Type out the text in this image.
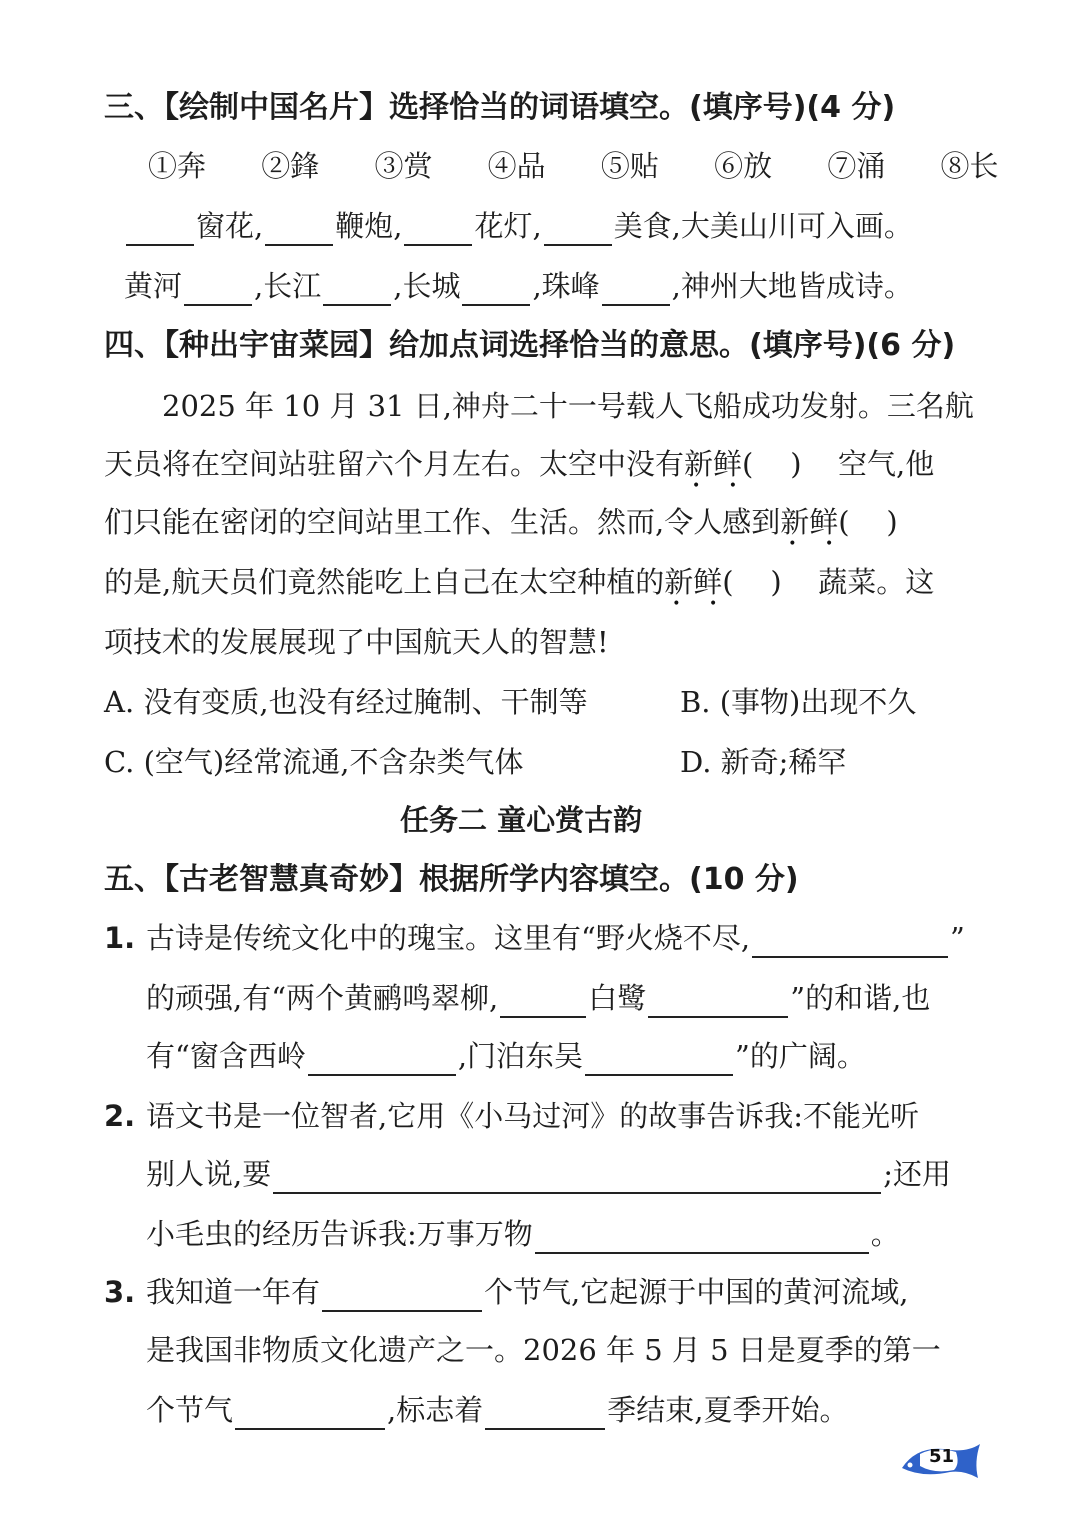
三、【绘制中国名片】选择恰当的词语填空。(填序号)(4 分)
①奔 ②鋒 ③赏 ④品 ⑤贴 ⑥放 ⑦涌 ⑧长
窗花, 鞭炮, 花灯, 美食,大美山川可入画。
黄河 ,长江 ,长城 ,珠峰 ,神州大地皆成诗。
四、【种出宇宙菜园】给加点词选择恰当的意思。(填序号)(6 分)
2025 年 10 月 31 日,神舟二十一号载人飞船成功发射。三名航
天员将在空间站驻留六个月左右。太空中没有新鲜 • •(    ) 空气,他
们只能在密闭的空间站里工作、生活。然而,令人感到新鲜 • •(    )
的是,航天员们竟然能吃上自己在太空种植的新鲜 • •(    ) 蔬菜。这
项技术的发展展现了中国航天人的智慧!
A. 没有变质,也没有经过腌制、干制等	B. (事物)出现不久
C. (空气)经常流通,不含杂类气体	D. 新奇;稀罕
任务二 童心赏古韵
五、【古老智慧真奇妙】根据所学内容填空。(10 分)
1. 古诗是传统文化中的瑰宝。这里有“野火烧不尽,	”
的顽强,有“两个黄鹂鸣翠柳,	白鹭	”的和谐,也
有“窗含西岭	,门泊东吴	”的广阔。
2. 语文书是一位智者,它用《小马过河》的故事告诉我:不能光听
别人说,要	;还用
小毛虫的经历告诉我:万事万物	。
3. 我知道一年有	个节气,它起源于中国的黄河流域,
是我国非物质文化遗产之一。2026 年 5 月 5 日是夏季的第一
个节气	,标志着	季结束,夏季开始。
51
